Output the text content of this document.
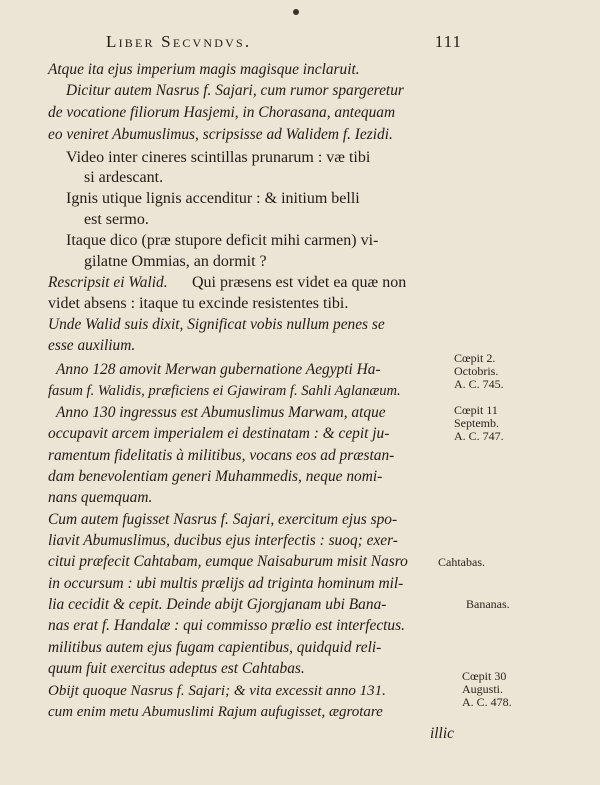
Liber Secvndvs.	111
Atque ita ejus imperium magis magisque inclaruit.
Dicitur autem Nasrus f. Sajari, cum rumor spargeretur
de vocatione filiorum Hasjemi, in Chorasana, antequam
eo veniret Abumuslimus, scripsisse ad Walidem f. Iezidi.
Video inter cineres scintillas prunarum : væ tibi
si ardescant.
Ignis utique lignis accenditur : & initium belli
est sermo.
Itaque dico (præ stupore deficit mihi carmen) vi-
gilatne Ommias, an dormit ?
Rescripsit ei Walid. Qui præsens est videt ea quæ non
videt absens : itaque tu excinde resistentes tibi.
Unde Walid suis dixit, Significat vobis nullum penes se
esse auxilium.
Anno 128 amovit Merwan gubernatione Aegypti Ha-
fasum f. Walidis, præficiens ei Gjawiram f. Sahli Aglanæum.
Anno 130 ingressus est Abumuslimus Marwam, atque
occupavit arcem imperialem ei destinatam : & cepit ju-
ramentum fidelitatis à militibus, vocans eos ad præstan-
dam benevolentiam generi Muhammedis, neque nomi-
nans quemquam.
Cum autem fugisset Nasrus f. Sajari, exercitum ejus spo-
liavit Abumuslimus, ducibus ejus interfectis : suoq; exer-
citui præfecit Cahtabam, eumque Naisaburum misit Nasro
in occursum : ubi multis prælijs ad triginta hominum mil-
lia cecidit & cepit. Deinde abijt Gjorgjanam ubi Bana-
nas erat f. Handalæ : qui commisso prælio est interfectus.
militibus autem ejus fugam capientibus, quidquid reli-
quum fuit exercitus adeptus est Cahtabas.
Obijt quoque Nasrus f. Sajari; & vita excessit anno 131.
cum enim metu Abumuslimi Rajum aufugisset, ægrotare
illic
Cœpit 2.
Octobris.
A. C. 745.
Cœpit 11
Septemb.
A. C. 747.
Cahtabas.
Bananas.
Cœpit 30
Augusti.
A. C. 478.
